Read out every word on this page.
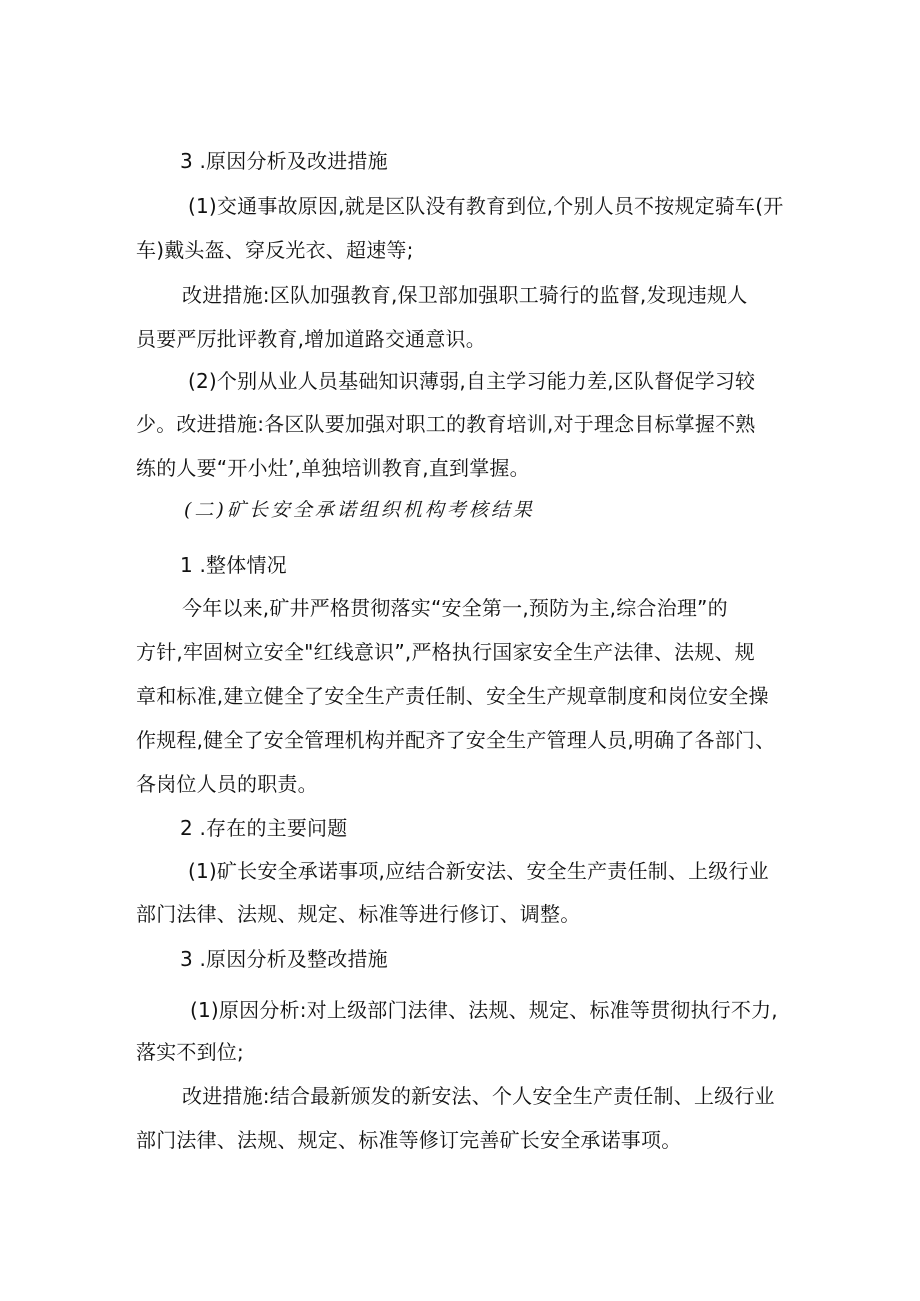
3 .原因分析及改进措施
(1)交通事故原因,就是区队没有教育到位,个别人员不按规定骑车(开
车)戴头盔、穿反光衣、超速等;
改进措施:区队加强教育,保卫部加强职工骑行的监督,发现违规人
员要严厉批评教育,增加道路交通意识。
(2)个别从业人员基础知识薄弱,自主学习能力差,区队督促学习较
少。改进措施:各区队要加强对职工的教育培训,对于理念目标掌握不熟
练的人要“开小灶’,单独培训教育,直到掌握。
(二)矿长安全承诺组织机构考核结果
1 .整体情况
今年以来,矿井严格贯彻落实“安全第一,预防为主,综合治理”的
方针,牢固树立安全"红线意识”,严格执行国家安全生产法律、法规、规
章和标准,建立健全了安全生产责任制、安全生产规章制度和岗位安全操
作规程,健全了安全管理机构并配齐了安全生产管理人员,明确了各部门、
各岗位人员的职责。
2 .存在的主要问题
(1)矿长安全承诺事项,应结合新安法、安全生产责任制、上级行业
部门法律、法规、规定、标准等进行修订、调整。
3 .原因分析及整改措施
(1)原因分析:对上级部门法律、法规、规定、标准等贯彻执行不力,
落实不到位;
改进措施:结合最新颁发的新安法、个人安全生产责任制、上级行业
部门法律、法规、规定、标准等修订完善矿长安全承诺事项。
